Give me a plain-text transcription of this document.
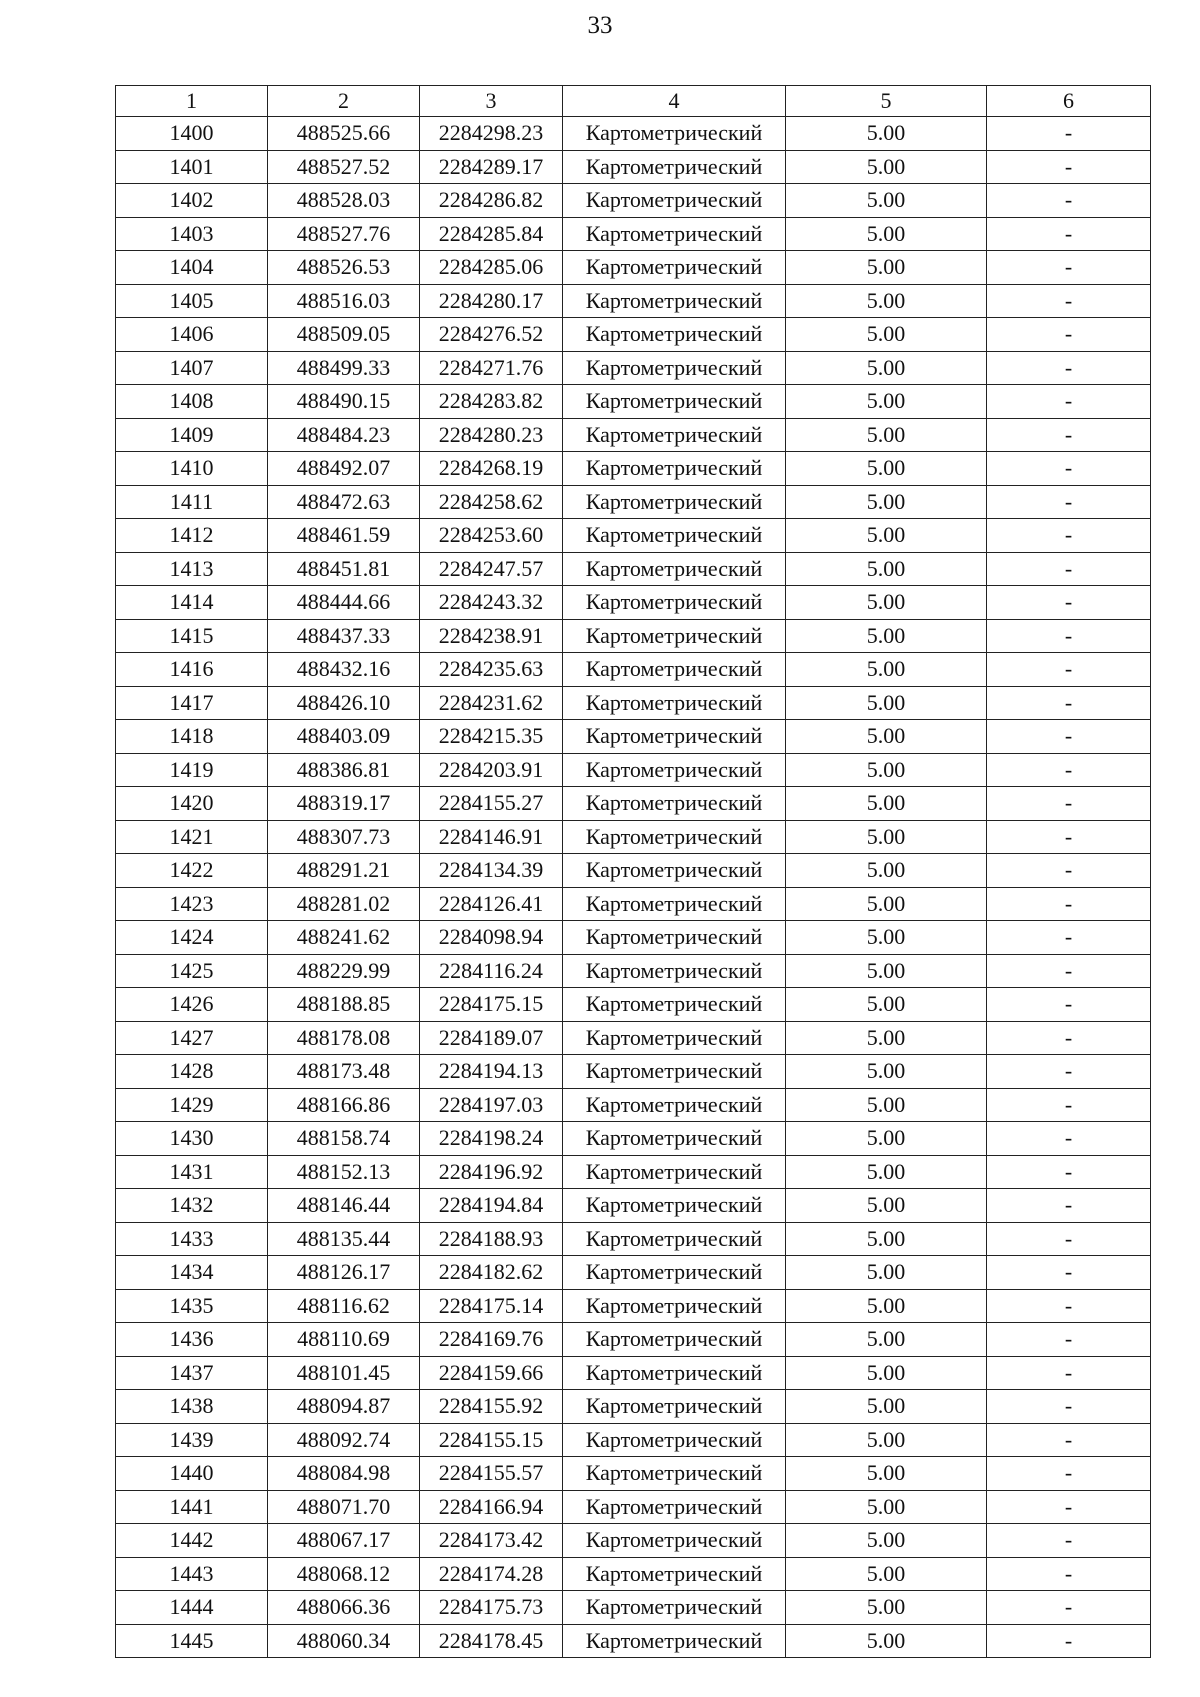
33
1	2	3	4	5	6
1400	488525.66	2284298.23	Картометрический	5.00	-
1401	488527.52	2284289.17	Картометрический	5.00	-
1402	488528.03	2284286.82	Картометрический	5.00	-
1403	488527.76	2284285.84	Картометрический	5.00	-
1404	488526.53	2284285.06	Картометрический	5.00	-
1405	488516.03	2284280.17	Картометрический	5.00	-
1406	488509.05	2284276.52	Картометрический	5.00	-
1407	488499.33	2284271.76	Картометрический	5.00	-
1408	488490.15	2284283.82	Картометрический	5.00	-
1409	488484.23	2284280.23	Картометрический	5.00	-
1410	488492.07	2284268.19	Картометрический	5.00	-
1411	488472.63	2284258.62	Картометрический	5.00	-
1412	488461.59	2284253.60	Картометрический	5.00	-
1413	488451.81	2284247.57	Картометрический	5.00	-
1414	488444.66	2284243.32	Картометрический	5.00	-
1415	488437.33	2284238.91	Картометрический	5.00	-
1416	488432.16	2284235.63	Картометрический	5.00	-
1417	488426.10	2284231.62	Картометрический	5.00	-
1418	488403.09	2284215.35	Картометрический	5.00	-
1419	488386.81	2284203.91	Картометрический	5.00	-
1420	488319.17	2284155.27	Картометрический	5.00	-
1421	488307.73	2284146.91	Картометрический	5.00	-
1422	488291.21	2284134.39	Картометрический	5.00	-
1423	488281.02	2284126.41	Картометрический	5.00	-
1424	488241.62	2284098.94	Картометрический	5.00	-
1425	488229.99	2284116.24	Картометрический	5.00	-
1426	488188.85	2284175.15	Картометрический	5.00	-
1427	488178.08	2284189.07	Картометрический	5.00	-
1428	488173.48	2284194.13	Картометрический	5.00	-
1429	488166.86	2284197.03	Картометрический	5.00	-
1430	488158.74	2284198.24	Картометрический	5.00	-
1431	488152.13	2284196.92	Картометрический	5.00	-
1432	488146.44	2284194.84	Картометрический	5.00	-
1433	488135.44	2284188.93	Картометрический	5.00	-
1434	488126.17	2284182.62	Картометрический	5.00	-
1435	488116.62	2284175.14	Картометрический	5.00	-
1436	488110.69	2284169.76	Картометрический	5.00	-
1437	488101.45	2284159.66	Картометрический	5.00	-
1438	488094.87	2284155.92	Картометрический	5.00	-
1439	488092.74	2284155.15	Картометрический	5.00	-
1440	488084.98	2284155.57	Картометрический	5.00	-
1441	488071.70	2284166.94	Картометрический	5.00	-
1442	488067.17	2284173.42	Картометрический	5.00	-
1443	488068.12	2284174.28	Картометрический	5.00	-
1444	488066.36	2284175.73	Картометрический	5.00	-
1445	488060.34	2284178.45	Картометрический	5.00	-
